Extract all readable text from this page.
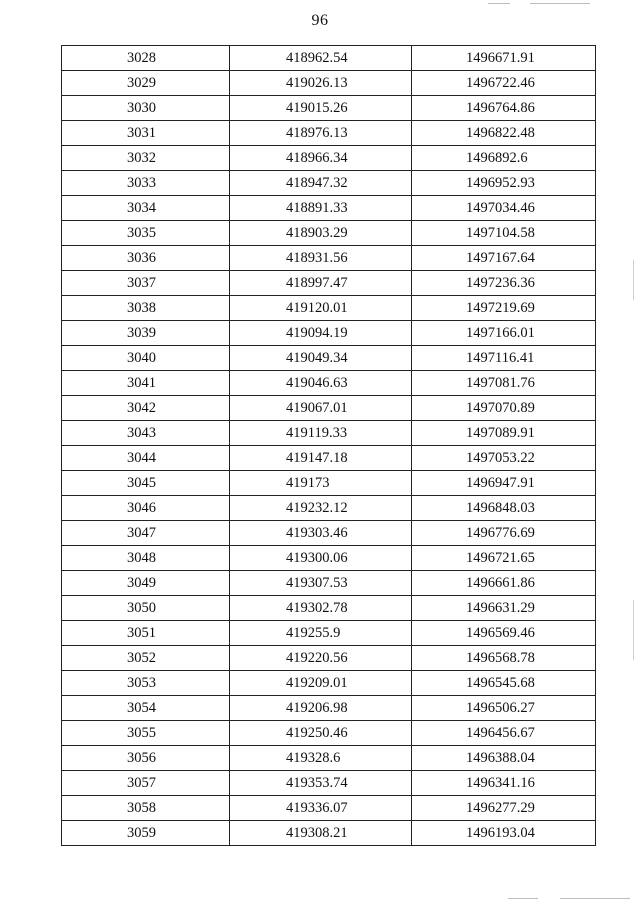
96
3028	418962.54	1496671.91
3029	419026.13	1496722.46
3030	419015.26	1496764.86
3031	418976.13	1496822.48
3032	418966.34	1496892.6
3033	418947.32	1496952.93
3034	418891.33	1497034.46
3035	418903.29	1497104.58
3036	418931.56	1497167.64
3037	418997.47	1497236.36
3038	419120.01	1497219.69
3039	419094.19	1497166.01
3040	419049.34	1497116.41
3041	419046.63	1497081.76
3042	419067.01	1497070.89
3043	419119.33	1497089.91
3044	419147.18	1497053.22
3045	419173	1496947.91
3046	419232.12	1496848.03
3047	419303.46	1496776.69
3048	419300.06	1496721.65
3049	419307.53	1496661.86
3050	419302.78	1496631.29
3051	419255.9	1496569.46
3052	419220.56	1496568.78
3053	419209.01	1496545.68
3054	419206.98	1496506.27
3055	419250.46	1496456.67
3056	419328.6	1496388.04
3057	419353.74	1496341.16
3058	419336.07	1496277.29
3059	419308.21	1496193.04
